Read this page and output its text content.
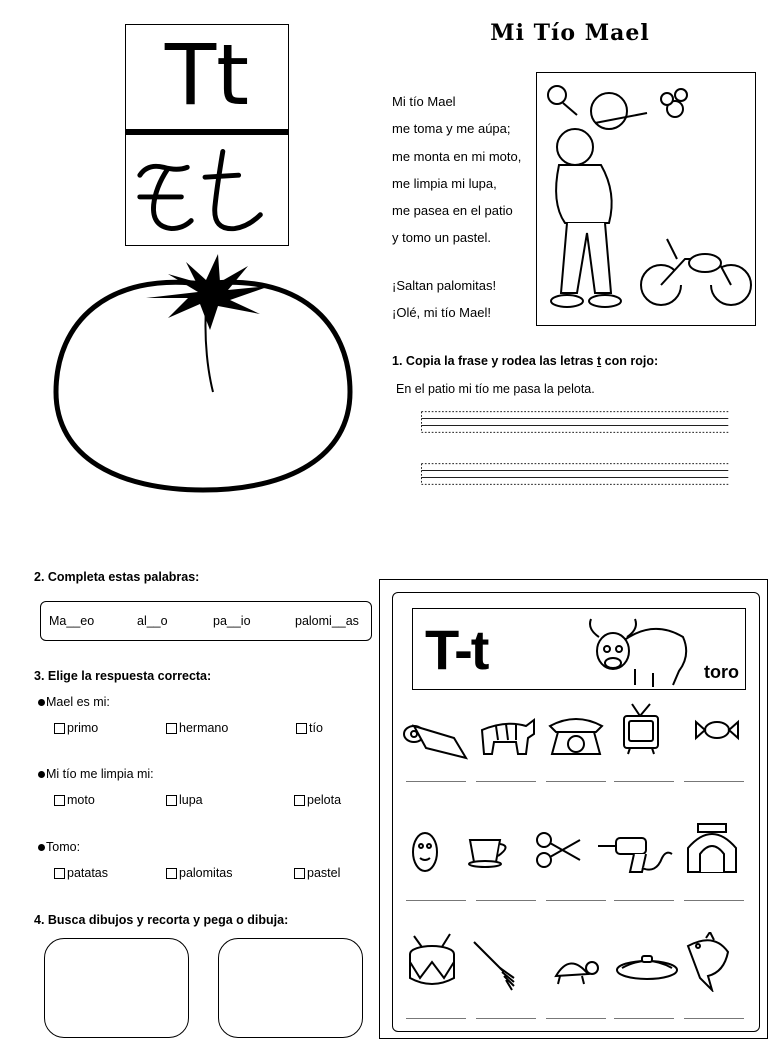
Tt	Mi Tío Mael
Mi tío Mael
me toma y me aúpa;
me monta en mi moto,
me limpia mi lupa,
me pasea en el patio
y tomo un pastel.
¡Saltan palomitas!
¡Olé, mi tío Mael!
1. Copia la frase y rodea las letras t con rojo:
En el patio mi tío me pasa la pelota.
2. Completa estas palabras:
Ma__eo	al__o	pa__io	palomi__as
3. Elige la respuesta correcta:
Mael es mi:
primo	hermano	tío
Mi tío me limpia mi:
moto	lupa	pelota
Tomo:
patatas	palomitas	pastel
4. Busca dibujos y recorta y pega o dibuja:
T-t	toro
